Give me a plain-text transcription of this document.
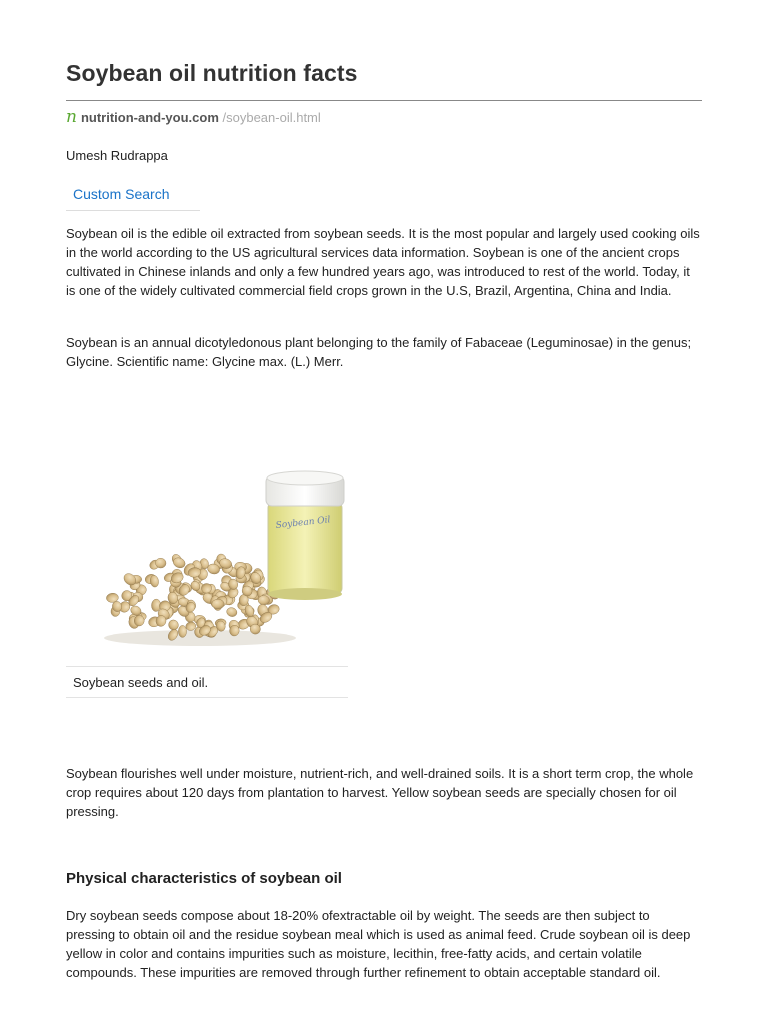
Soybean oil nutrition facts
n nutrition-and-you.com /soybean-oil.html
Umesh Rudrappa
Custom Search

Soybean oil is the edible oil extracted from soybean seeds. It is the most popular and largely used cooking oils in the world according to the US agricultural services data information. Soybean is one of the ancient crops cultivated in Chinese inlands and only a few hundred years ago, was introduced to rest of the world. Today, it is one of the widely cultivated commercial field crops grown in the U.S, Brazil, Argentina, China and India.

Soybean is an annual dicotyledonous plant belonging to the family of Fabaceae (Leguminosae) in the genus; Glycine. Scientific name: Glycine max. (L.) Merr.

Soybean Oil
Soybean seeds and oil.

Soybean flourishes well under moisture, nutrient-rich, and well-drained soils. It is a short term crop, the whole crop requires about 120 days from plantation to harvest. Yellow soybean seeds are specially chosen for oil pressing.

Physical characteristics of soybean oil

Dry soybean seeds compose about 18-20% ofextractable oil by weight. The seeds are then subject to pressing to obtain oil and the residue soybean meal which is used as animal feed. Crude soybean oil is deep yellow in color and contains impurities such as moisture, lecithin, free-fatty acids, and certain volatile compounds. These impurities are removed through further refinement to obtain acceptable standard oil.
